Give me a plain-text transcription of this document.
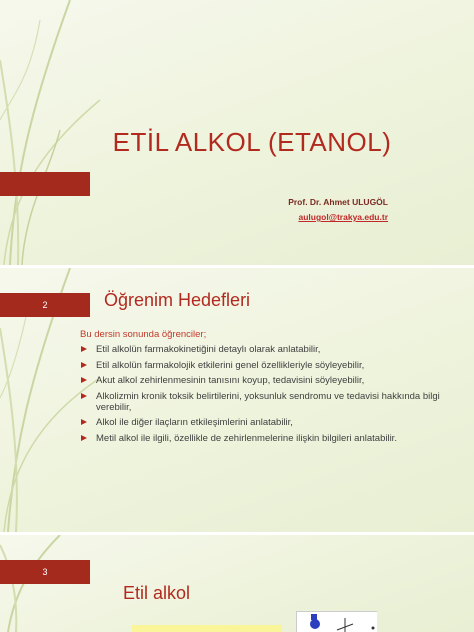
ETİL ALKOL (ETANOL)
Prof. Dr. Ahmet ULUGÖL
aulugol@trakya.edu.tr
2	Öğrenim Hedefleri
Bu dersin sonunda öğrenciler;
Etil alkolün farmakokinetiğini detaylı olarak anlatabilir,
Etil alkolün farmakolojik etkilerini genel özellikleriyle söyleyebilir,
Akut alkol zehirlenmesinin tanısını koyup, tedavisini söyleyebilir,
Alkolizmin kronik toksik belirtilerini, yoksunluk sendromu ve tedavisi hakkında bilgi verebilir,
Alkol ile diğer ilaçların etkileşimlerini anlatabilir,
Metil alkol ile ilgili, özellikle de zehirlenmelerine ilişkin bilgileri anlatabilir.
3
Etil alkol
